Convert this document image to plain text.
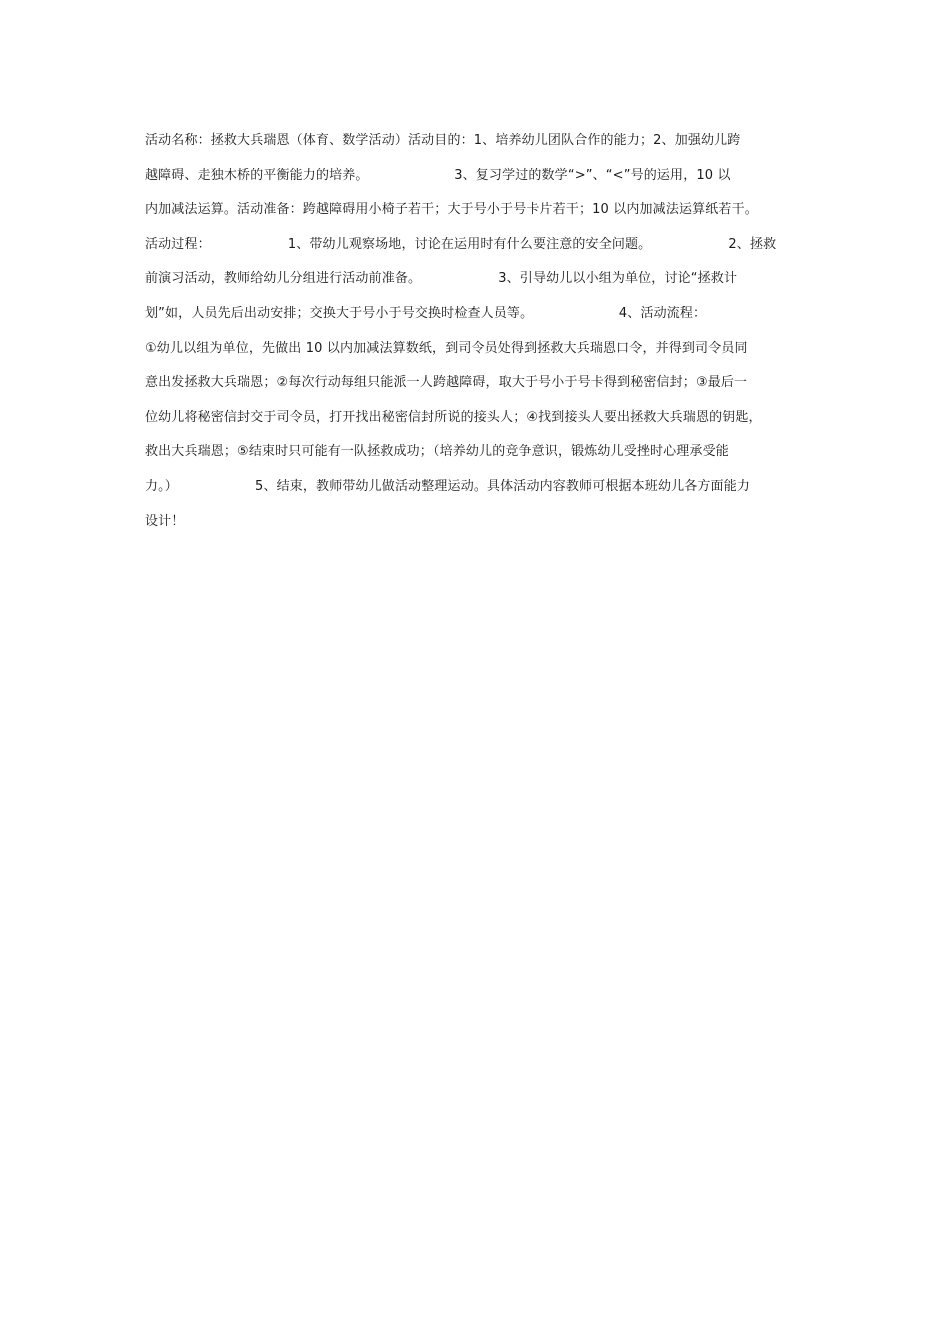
活动名称：拯救大兵瑞恩（体育、数学活动）活动目的：1、培养幼儿团队合作的能力；2、加强幼儿跨
越障碍、走独木桥的平衡能力的培养。                    3、复习学过的数学“>”、“<”号的运用，10 以
内加减法运算。活动准备：跨越障碍用小椅子若干；大于号小于号卡片若干；10 以内加减法运算纸若干。
活动过程：                  1、带幼儿观察场地，讨论在运用时有什么要注意的安全问题。                  2、拯救
前演习活动，教师给幼儿分组进行活动前准备。                  3、引导幼儿以小组为单位，讨论“拯救计
划”如，人员先后出动安排；交换大于号小于号交换时检查人员等。                    4、活动流程：
①幼儿以组为单位，先做出 10 以内加减法算数纸，到司令员处得到拯救大兵瑞恩口令，并得到司令员同
意出发拯救大兵瑞恩；②每次行动每组只能派一人跨越障碍，取大于号小于号卡得到秘密信封；③最后一
位幼儿将秘密信封交于司令员，打开找出秘密信封所说的接头人；④找到接头人要出拯救大兵瑞恩的钥匙，
救出大兵瑞恩；⑤结束时只可能有一队拯救成功；（培养幼儿的竞争意识，锻炼幼儿受挫时心理承受能
力。）                  5、结束，教师带幼儿做活动整理运动。具体活动内容教师可根据本班幼儿各方面能力
设计！
